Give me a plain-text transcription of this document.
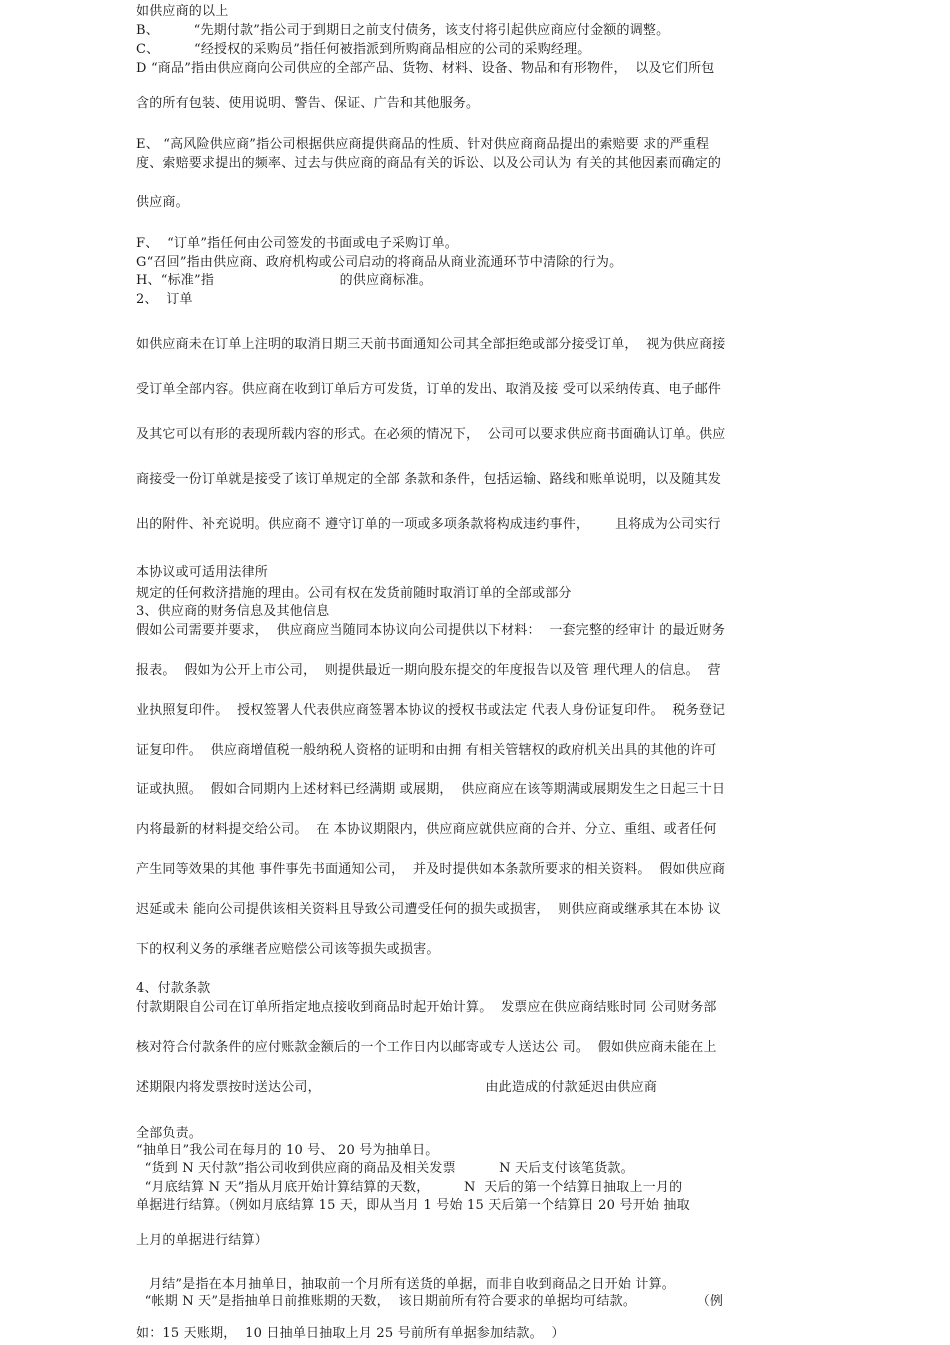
如供应商的以上
B、        “先期付款”指公司于到期日之前支付债务，该支付将引起供应商应付金额的调整。
C、        “经授权的采购员”指任何被指派到所购商品相应的公司的采购经理。
D “商品”指由供应商向公司供应的全部产品、货物、材料、设备、物品和有形物件，  以及它们所包
含的所有包装、使用说明、警告、保证、广告和其他服务。
E、 “高风险供应商”指公司根据供应商提供商品的性质、针对供应商商品提出的索赔要 求的严重程
度、索赔要求提出的频率、过去与供应商的商品有关的诉讼、以及公司认为 有关的其他因素而确定的
供应商。
F、  “订单”指任何由公司签发的书面或电子采购订单。
G“召回”指由供应商、政府机构或公司启动的将商品从商业流通环节中清除的行为。
H、“标准”指                             的供应商标准。
2、  订单
如供应商未在订单上注明的取消日期三天前书面通知公司其全部拒绝或部分接受订单，  视为供应商接
受订单全部内容。供应商在收到订单后方可发货，订单的发出、取消及接 受可以采纳传真、电子邮件
及其它可以有形的表现所载内容的形式。在必须的情况下，  公司可以要求供应商书面确认订单。供应
商接受一份订单就是接受了该订单规定的全部 条款和条件，包括运输、路线和账单说明，以及随其发
出的附件、补充说明。供应商不 遵守订单的一项或多项条款将构成违约事件，      且将成为公司实行
本协议或可适用法律所
规定的任何救济措施的理由。公司有权在发货前随时取消订单的全部或部分
3、供应商的财务信息及其他信息
假如公司需要并要求，  供应商应当随同本协议向公司提供以下材料：  一套完整的经审计 的最近财务
报表。  假如为公开上市公司，  则提供最近一期向股东提交的年度报告以及管 理代理人的信息。  营
业执照复印件。  授权签署人代表供应商签署本协议的授权书或法定 代表人身份证复印件。  税务登记
证复印件。  供应商增值税一般纳税人资格的证明和由拥 有相关管辖权的政府机关出具的其他的许可
证或执照。  假如合同期内上述材料已经满期 或展期，  供应商应在该等期满或展期发生之日起三十日
内将最新的材料提交给公司。  在 本协议期限内，供应商应就供应商的合并、分立、重组、或者任何
产生同等效果的其他 事件事先书面通知公司，  并及时提供如本条款所要求的相关资料。  假如供应商
迟延或未 能向公司提供该相关资料且导致公司遭受任何的损失或损害，  则供应商或继承其在本协 议
下的权利义务的承继者应赔偿公司该等损失或损害。
4、付款条款
付款期限自公司在订单所指定地点接收到商品时起开始计算。  发票应在供应商结账时同 公司财务部
核对符合付款条件的应付账款金额后的一个工作日内以邮寄或专人送达公 司。  假如供应商未能在上
述期限内将发票按时送达公司，                                      由此造成的付款延迟由供应商
全部负责。
“抽单日”我公司在每月的 10 号、 20 号为抽单日。
“货到 N 天付款”指公司收到供应商的商品及相关发票          N 天后支付该笔货款。
“月底结算 N 天”指从月底开始计算结算的天数，        N  天后的第一个结算日抽取上一月的
单据进行结算。（例如月底结算 15 天，即从当月 1 号始 15 天后第一个结算日 20 号开始 抽取
上月的单据进行结算）
月结”是指在本月抽单日，抽取前一个月所有送货的单据，而非自收到商品之日开始 计算。
“帐期 N 天”是指抽单日前推账期的天数，  该日期前所有符合要求的单据均可结款。              （例
如：15 天账期，  10 日抽单日抽取上月 25 号前所有单据参加结款。  ）
